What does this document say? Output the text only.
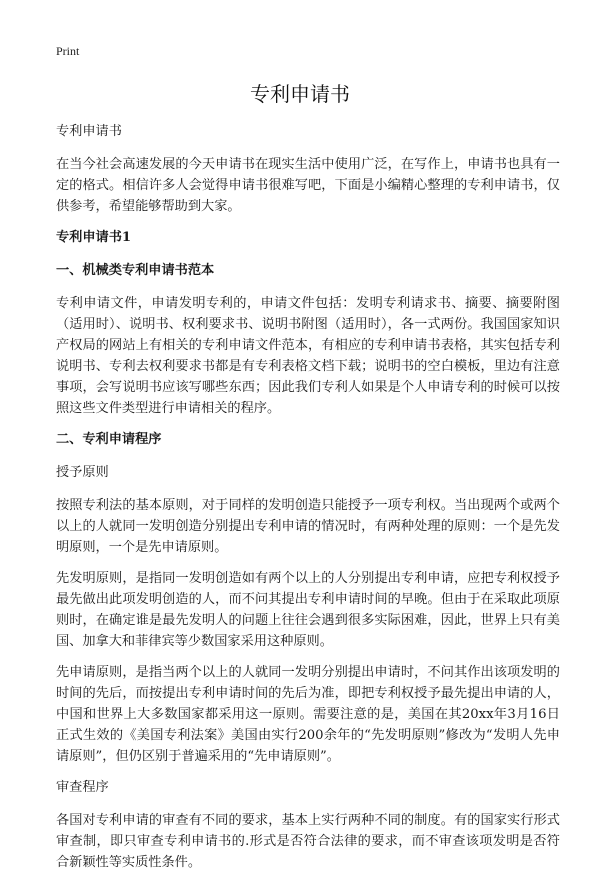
Print
专利申请书

专利申请书

在当今社会高速发展的今天申请书在现实生活中使用广泛，在写作上，申请书也具有一定的格式。相信许多人会觉得申请书很难写吧，下面是小编精心整理的专利申请书，仅供参考，希望能够帮助到大家。

专利申请书1

一、机械类专利申请书范本

专利申请文件，申请发明专利的，申请文件包括：发明专利请求书、摘要、摘要附图（适用时）、说明书、权利要求书、说明书附图（适用时），各一式两份。我国国家知识产权局的网站上有相关的专利申请文件范本，有相应的专利申请书表格，其实包括专利说明书、专利去权利要求书都是有专利表格文档下载；说明书的空白模板，里边有注意事项，会写说明书应该写哪些东西；因此我们专利人如果是个人申请专利的时候可以按照这些文件类型进行申请相关的程序。

二、专利申请程序

授予原则

按照专利法的基本原则，对于同样的发明创造只能授予一项专利权。当出现两个或两个以上的人就同一发明创造分别提出专利申请的情况时，有两种处理的原则：一个是先发明原则，一个是先申请原则。

先发明原则，是指同一发明创造如有两个以上的人分别提出专利申请，应把专利权授予最先做出此项发明创造的人，而不问其提出专利申请时间的早晚。但由于在采取此项原则时，在确定谁是最先发明人的问题上往往会遇到很多实际困难，因此，世界上只有美国、加拿大和菲律宾等少数国家采用这种原则。

先申请原则，是指当两个以上的人就同一发明分别提出申请时，不问其作出该项发明的时间的先后，而按提出专利申请时间的先后为准，即把专利权授予最先提出申请的人，中国和世界上大多数国家都采用这一原则。需要注意的是，美国在其20xx年3月16日正式生效的《美国专利法案》美国由实行200余年的“先发明原则”修改为“发明人先申请原则”，但仍区别于普遍采用的“先申请原则”。

审查程序

各国对专利申请的审查有不同的要求，基本上实行两种不同的制度。有的国家实行形式审查制，即只审查专利申请书的.形式是否符合法律的要求，而不审查该项发明是否符合新颖性等实质性条件。
